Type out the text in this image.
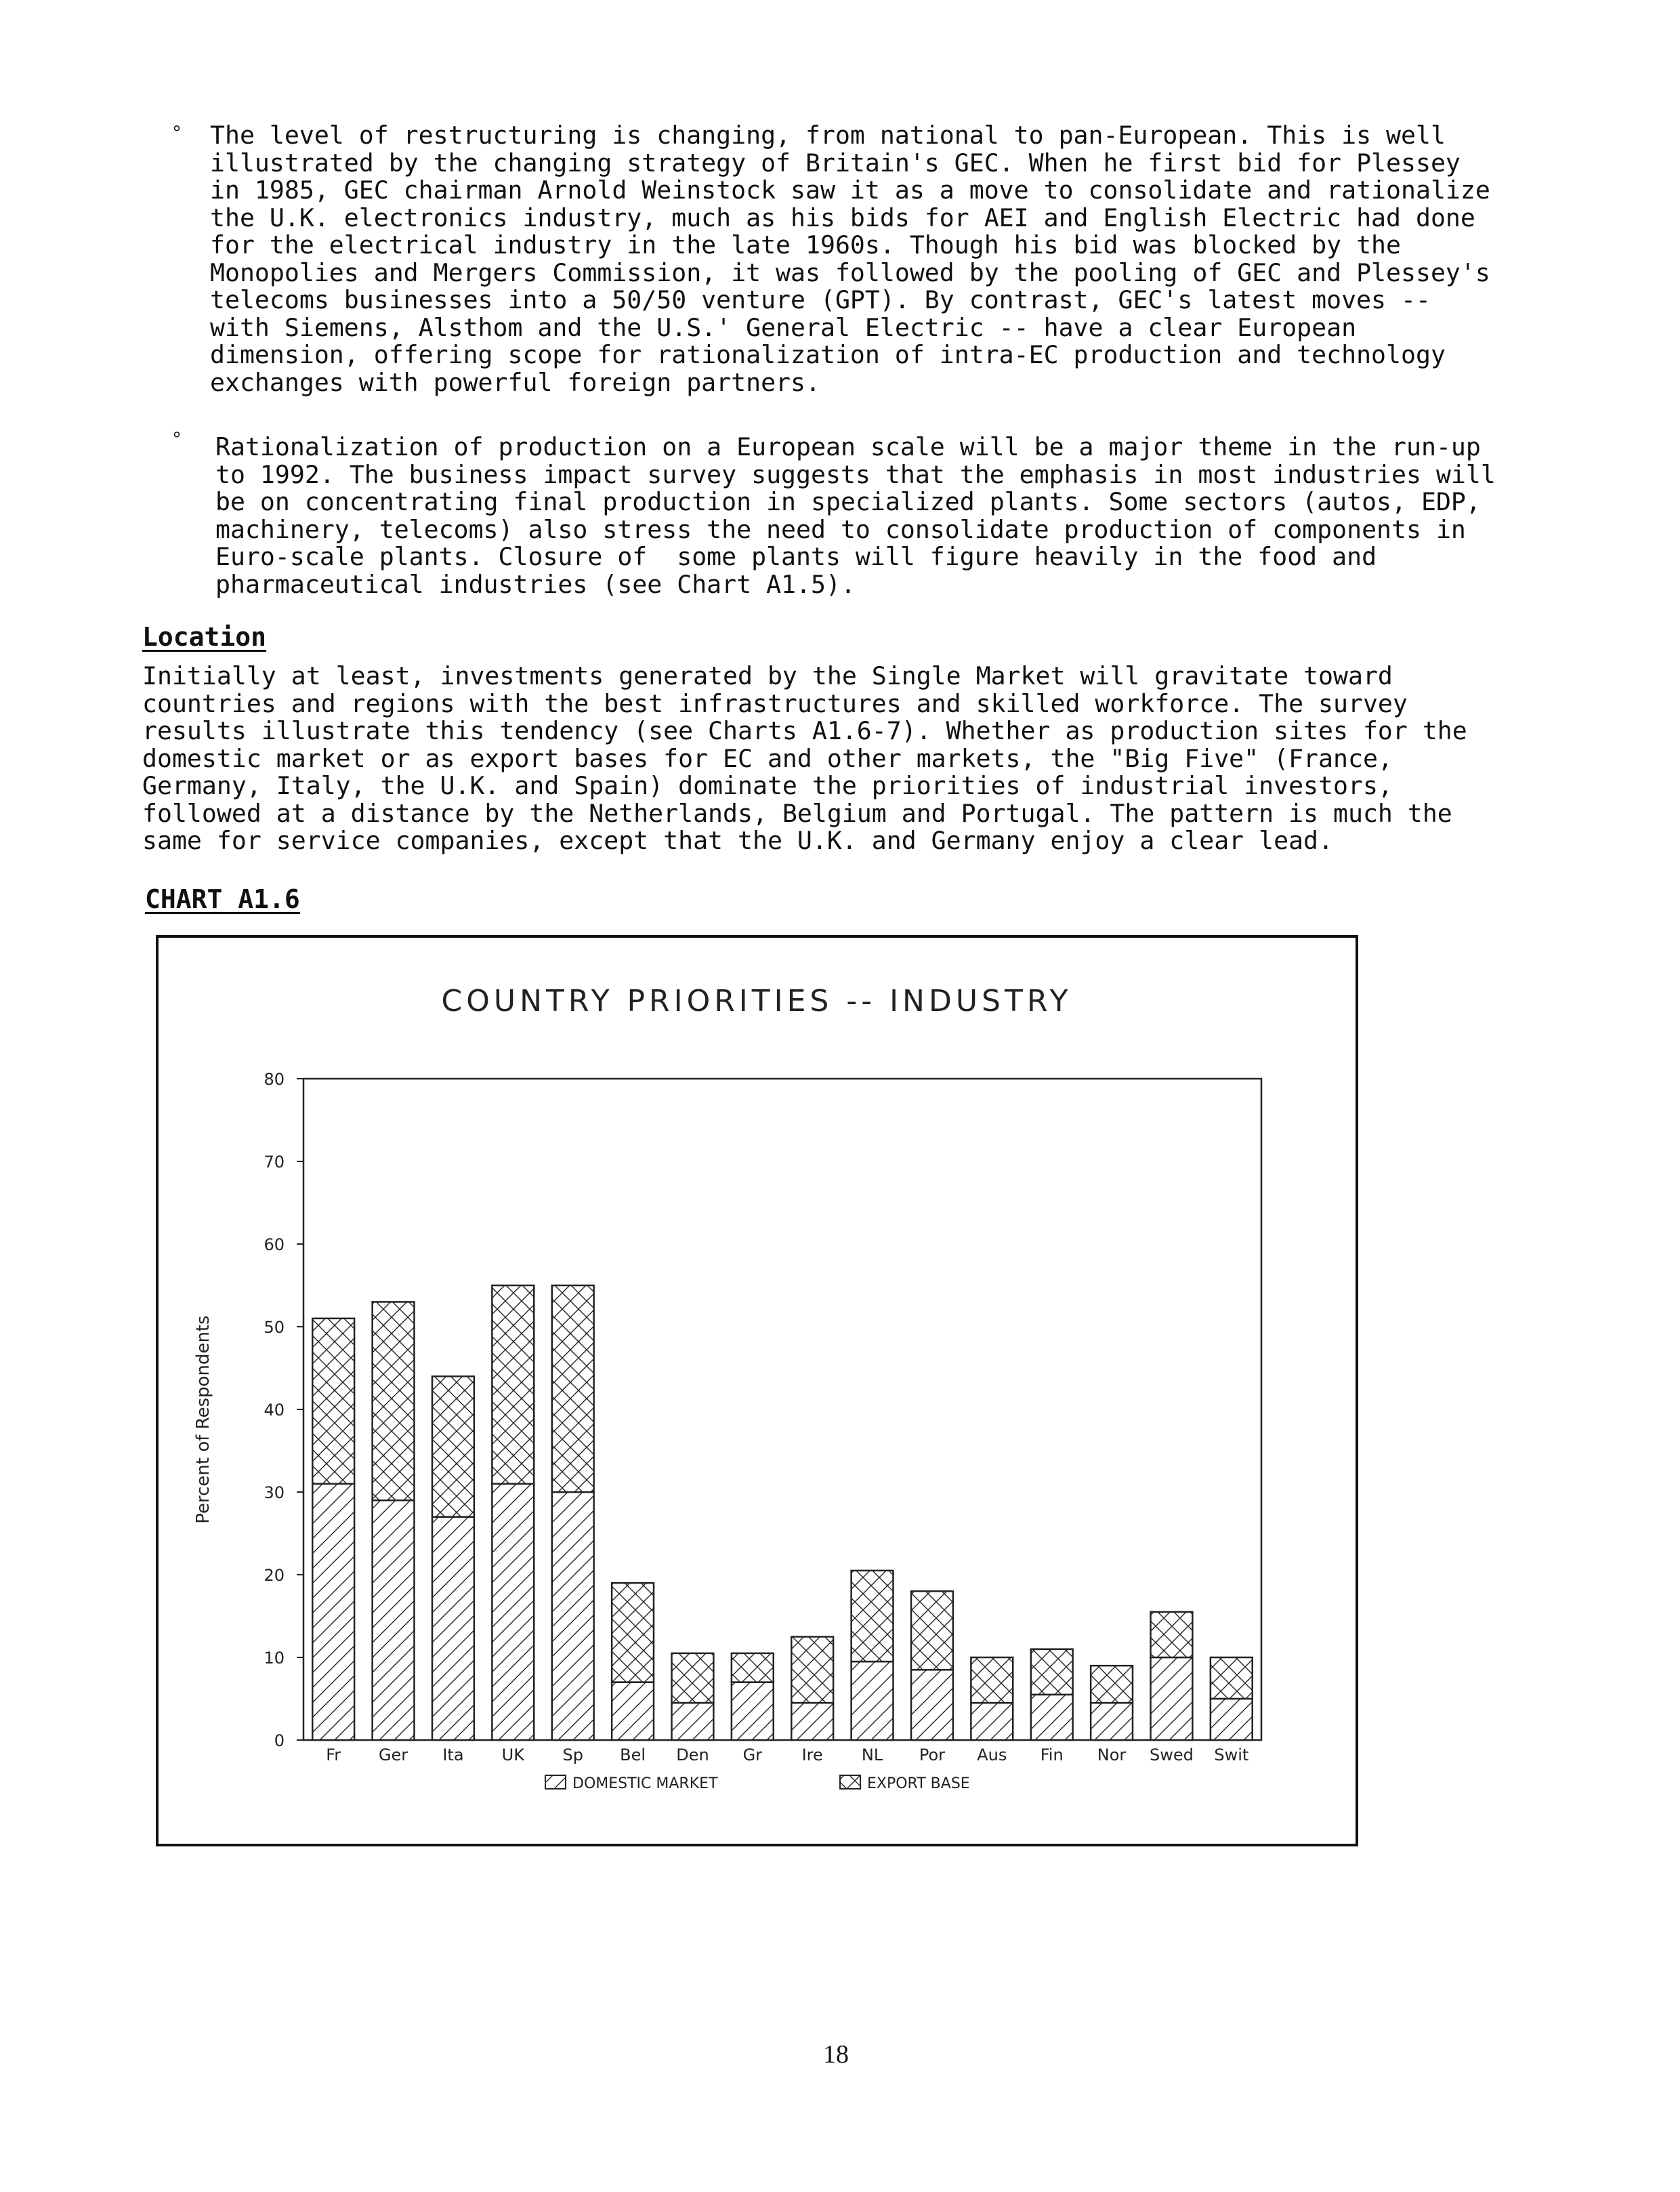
° The level of restructuring is changing, from national to pan-European. This is well
illustrated by the changing strategy of Britain's GEC. When he first bid for Plessey
in 1985, GEC chairman Arnold Weinstock saw it as a move to consolidate and rationalize
the U.K. electronics industry, much as his bids for AEI and English Electric had done
for the electrical industry in the late 1960s. Though his bid was blocked by the
Monopolies and Mergers Commission, it was followed by the pooling of GEC and Plessey's
telecoms businesses into a 50/50 venture (GPT). By contrast, GEC's latest moves --
with Siemens, Alsthom and the U.S.' General Electric -- have a clear European
dimension, offering scope for rationalization of intra-EC production and technology
exchanges with powerful foreign partners.

° Rationalization of production on a European scale will be a major theme in the run-up
to 1992. The business impact survey suggests that the emphasis in most industries will
be on concentrating final production in specialized plants. Some sectors (autos, EDP,
machinery, telecoms) also stress the need to consolidate production of components in
Euro-scale plants. Closure of  some plants will figure heavily in the food and
pharmaceutical industries (see Chart A1.5).

Location

Initially at least, investments generated by the Single Market will gravitate toward
countries and regions with the best infrastructures and skilled workforce. The survey
results illustrate this tendency (see Charts A1.6-7). Whether as production sites for the
domestic market or as export bases for EC and other markets, the "Big Five" (France,
Germany, Italy, the U.K. and Spain) dominate the priorities of industrial investors,
followed at a distance by the Netherlands, Belgium and Portugal. The pattern is much the
same for service companies, except that the U.K. and Germany enjoy a clear lead.

CHART A1.6
COUNTRY PRIORITIES -- INDUSTRY
Percent of Respondents
0
10
20
30
40
50
60
70
80
Fr Ger Ita UK Sp Bel Den Gr Ire NL Por Aus Fin Nor Swed Swit
DOMESTIC MARKET	EXPORT BASE
18
